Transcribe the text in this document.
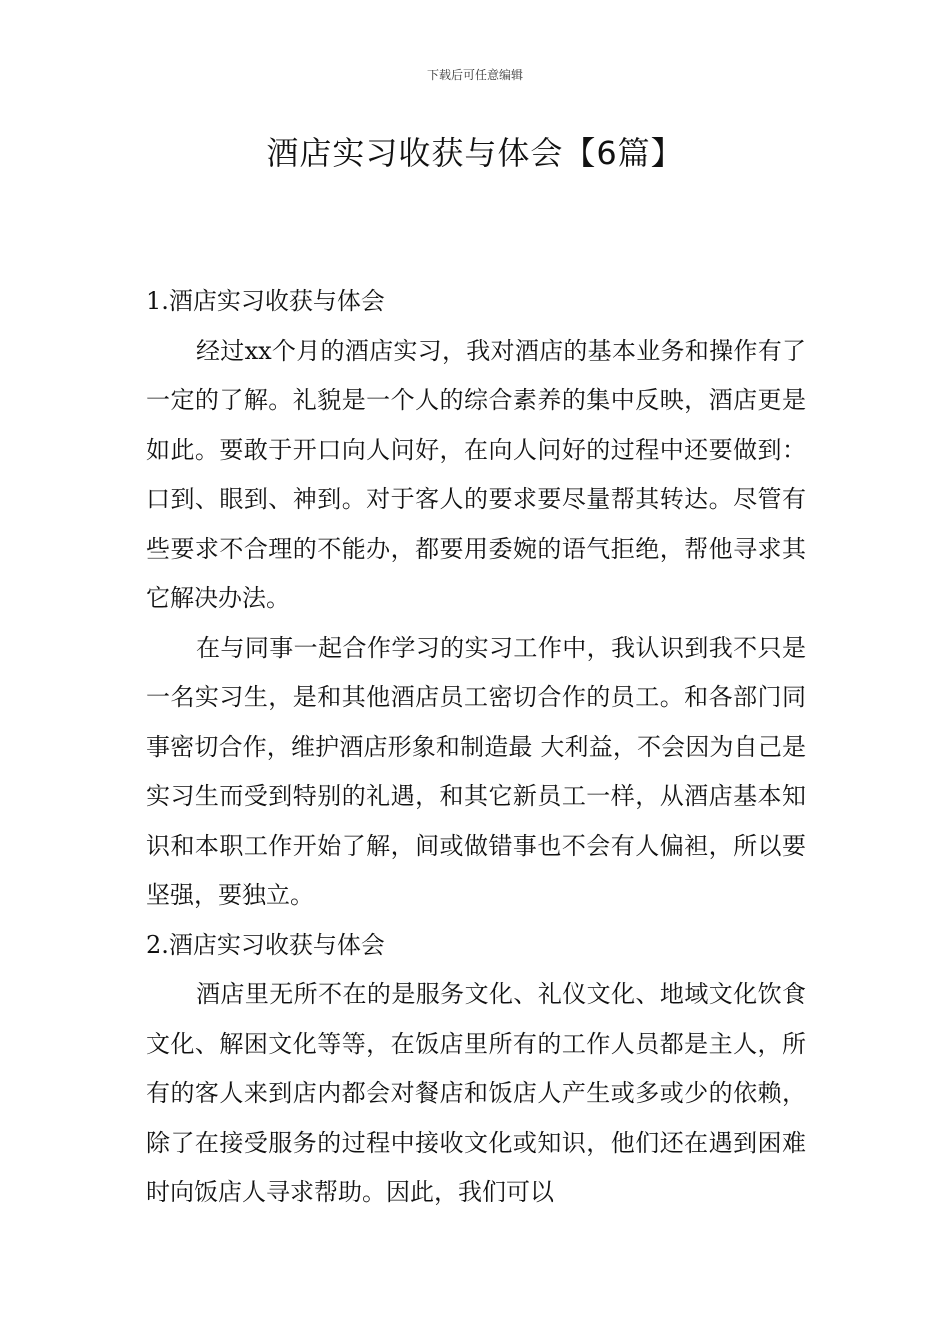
下载后可任意编辑
酒店实习收获与体会【6篇】
1.酒店实习收获与体会

经过xx个月的酒店实习，我对酒店的基本业务和操作有了一定的了解。礼貌是一个人的综合素养的集中反映，酒店更是如此。要敢于开口向人问好，在向人问好的过程中还要做到：口到、眼到、神到。对于客人的要求要尽量帮其转达。尽管有些要求不合理的不能办，都要用委婉的语气拒绝，帮他寻求其它解决办法。

在与同事一起合作学习的实习工作中，我认识到我不只是一名实习生，是和其他酒店员工密切合作的员工。和各部门同事密切合作，维护酒店形象和制造最 大利益，不会因为自己是实习生而受到特别的礼遇，和其它新员工一样，从酒店基本知识和本职工作开始了解，间或做错事也不会有人偏袒，所以要坚强，要独立。

2.酒店实习收获与体会

酒店里无所不在的是服务文化、礼仪文化、地域文化饮食文化、解困文化等等，在饭店里所有的工作人员都是主人，所有的客人来到店内都会对餐店和饭店人产生或多或少的依赖，除了在接受服务的过程中接收文化或知识，他们还在遇到困难时向饭店人寻求帮助。因此，我们可以
